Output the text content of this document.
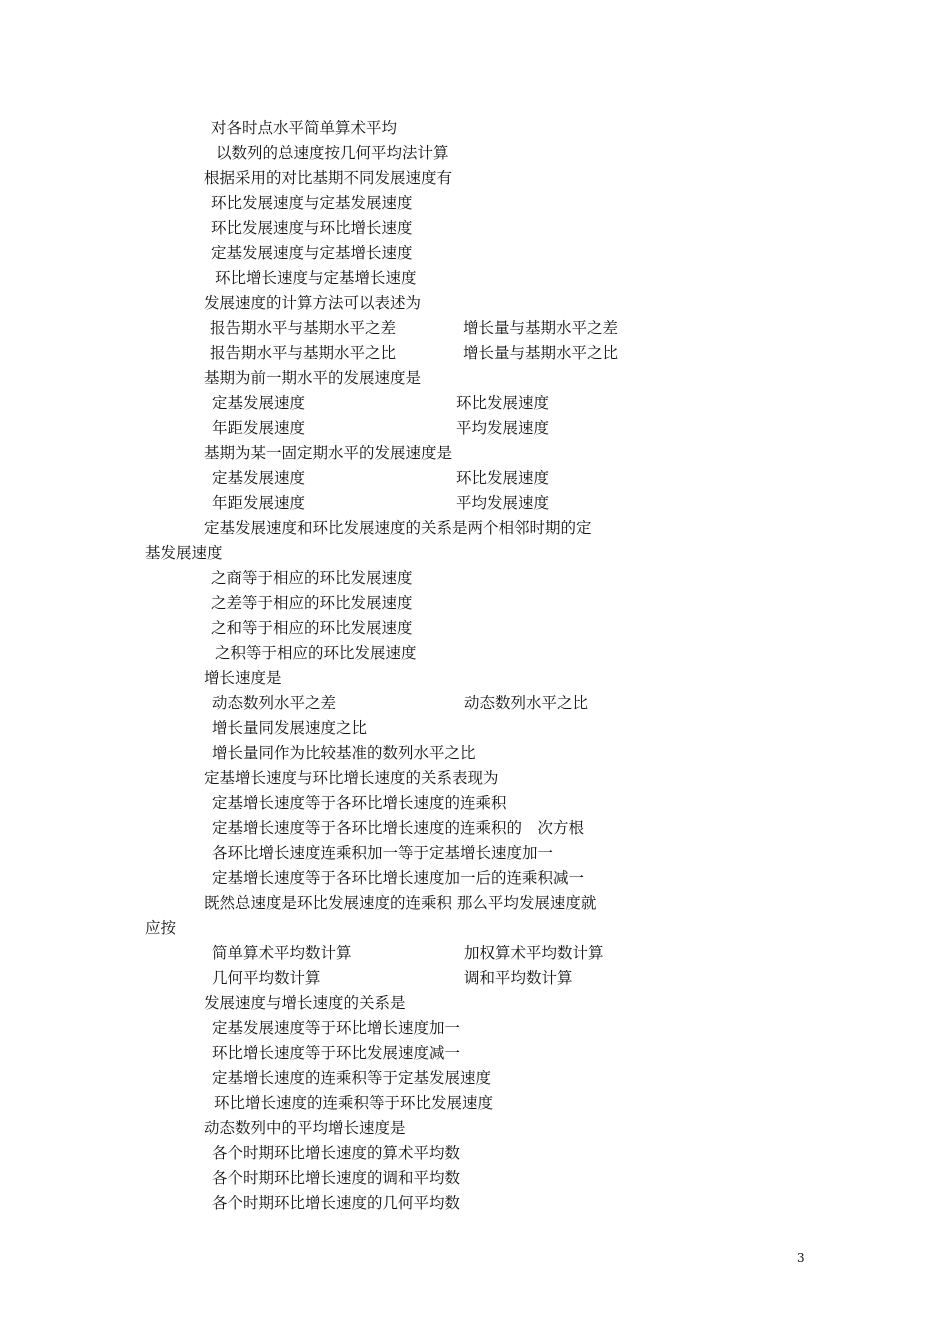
对各时点水平简单算术平均
以数列的总速度按几何平均法计算
根据采用的对比基期不同发展速度有
环比发展速度与定基发展速度
环比发展速度与环比增长速度
定基发展速度与定基增长速度
环比增长速度与定基增长速度
发展速度的计算方法可以表述为
报告期水平与基期水平之差	增长量与基期水平之差
报告期水平与基期水平之比	增长量与基期水平之比
基期为前一期水平的发展速度是
定基发展速度	环比发展速度
年距发展速度	平均发展速度
基期为某一固定期水平的发展速度是
定基发展速度	环比发展速度
年距发展速度	平均发展速度
定基发展速度和环比发展速度的关系是两个相邻时期的定
基发展速度
之商等于相应的环比发展速度
之差等于相应的环比发展速度
之和等于相应的环比发展速度
之积等于相应的环比发展速度
增长速度是
动态数列水平之差	动态数列水平之比
增长量同发展速度之比
增长量同作为比较基准的数列水平之比
定基增长速度与环比增长速度的关系表现为
定基增长速度等于各环比增长速度的连乘积
定基增长速度等于各环比增长速度的连乘积的　次方根
各环比增长速度连乘积加一等于定基增长速度加一
定基增长速度等于各环比增长速度加一后的连乘积减一
既然总速度是环比发展速度的连乘积 那么平均发展速度就
应按
简单算术平均数计算	加权算术平均数计算
几何平均数计算	调和平均数计算
发展速度与增长速度的关系是
定基发展速度等于环比增长速度加一
环比增长速度等于环比发展速度减一
定基增长速度的连乘积等于定基发展速度
环比增长速度的连乘积等于环比发展速度
动态数列中的平均增长速度是
各个时期环比增长速度的算术平均数
各个时期环比增长速度的调和平均数
各个时期环比增长速度的几何平均数
3
